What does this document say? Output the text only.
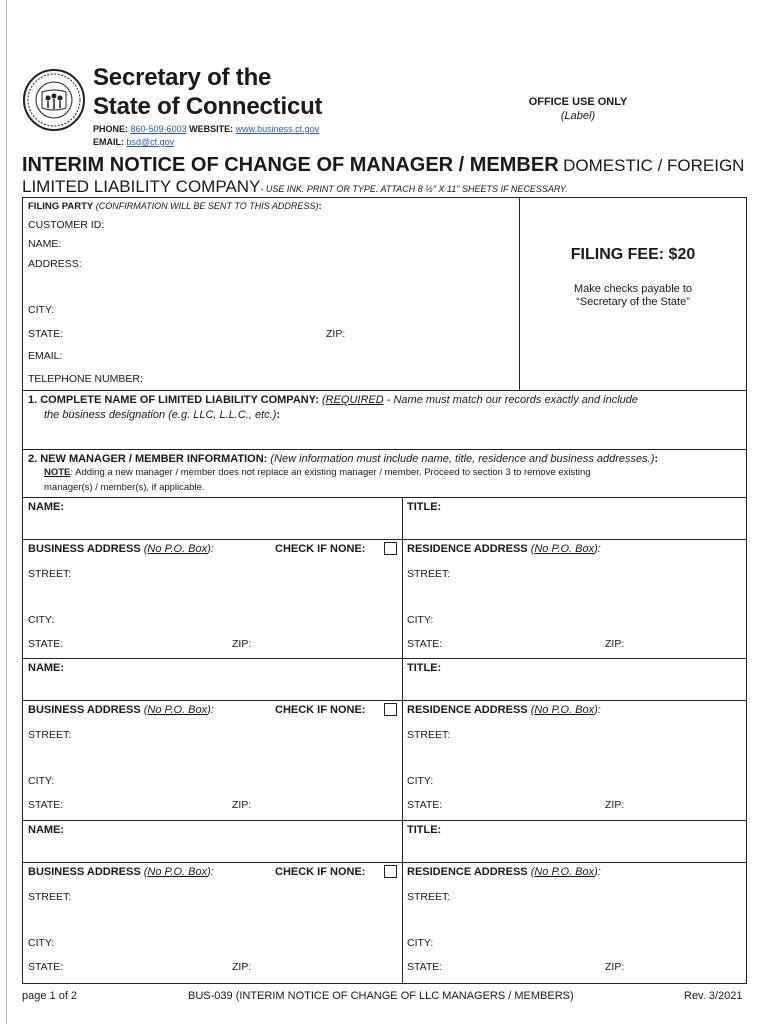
Secretary of the
State of Connecticut
PHONE: 860-509-6003 WEBSITE: www.business.ct.gov
EMAIL: bsd@ct.gov
OFFICE USE ONLY
(Label)
INTERIM NOTICE OF CHANGE OF MANAGER / MEMBER DOMESTIC / FOREIGN
LIMITED LIABILITY COMPANY- USE INK. PRINT OR TYPE. ATTACH 8 ½" X 11" SHEETS IF NECESSARY.
FILING PARTY (CONFIRMATION WILL BE SENT TO THIS ADDRESS):
CUSTOMER ID:
NAME:
ADDRESS:
CITY:
STATE:	ZIP:
EMAIL:
TELEPHONE NUMBER:
FILING FEE: $20
Make checks payable to
“Secretary of the State”
1. COMPLETE NAME OF LIMITED LIABILITY COMPANY: (REQUIRED - Name must match our records exactly and include
the business designation (e.g. LLC, L.L.C., etc.):
2. NEW MANAGER / MEMBER INFORMATION: (New information must include name, title, residence and business addresses.):
NOTE: Adding a new manager / member does not replace an existing manager / member. Proceed to section 3 to remove existing
manager(s) / member(s), if applicable.
NAME:	TITLE:
BUSINESS ADDRESS (No P.O. Box):	CHECK IF NONE:	RESIDENCE ADDRESS (No P.O. Box):
STREET:	STREET:
CITY:	CITY:
STATE:	ZIP:	STATE:	ZIP:
NAME:	TITLE:
BUSINESS ADDRESS (No P.O. Box):	CHECK IF NONE:	RESIDENCE ADDRESS (No P.O. Box):
STREET:	STREET:
CITY:	CITY:
STATE:	ZIP:	STATE:	ZIP:
NAME:	TITLE:
BUSINESS ADDRESS (No P.O. Box):	CHECK IF NONE:	RESIDENCE ADDRESS (No P.O. Box):
STREET:	STREET:
CITY:	CITY:
STATE:	ZIP:	STATE:	ZIP:
page 1 of 2	BUS-039 (INTERIM NOTICE OF CHANGE OF LLC MANAGERS / MEMBERS)	Rev. 3/2021
